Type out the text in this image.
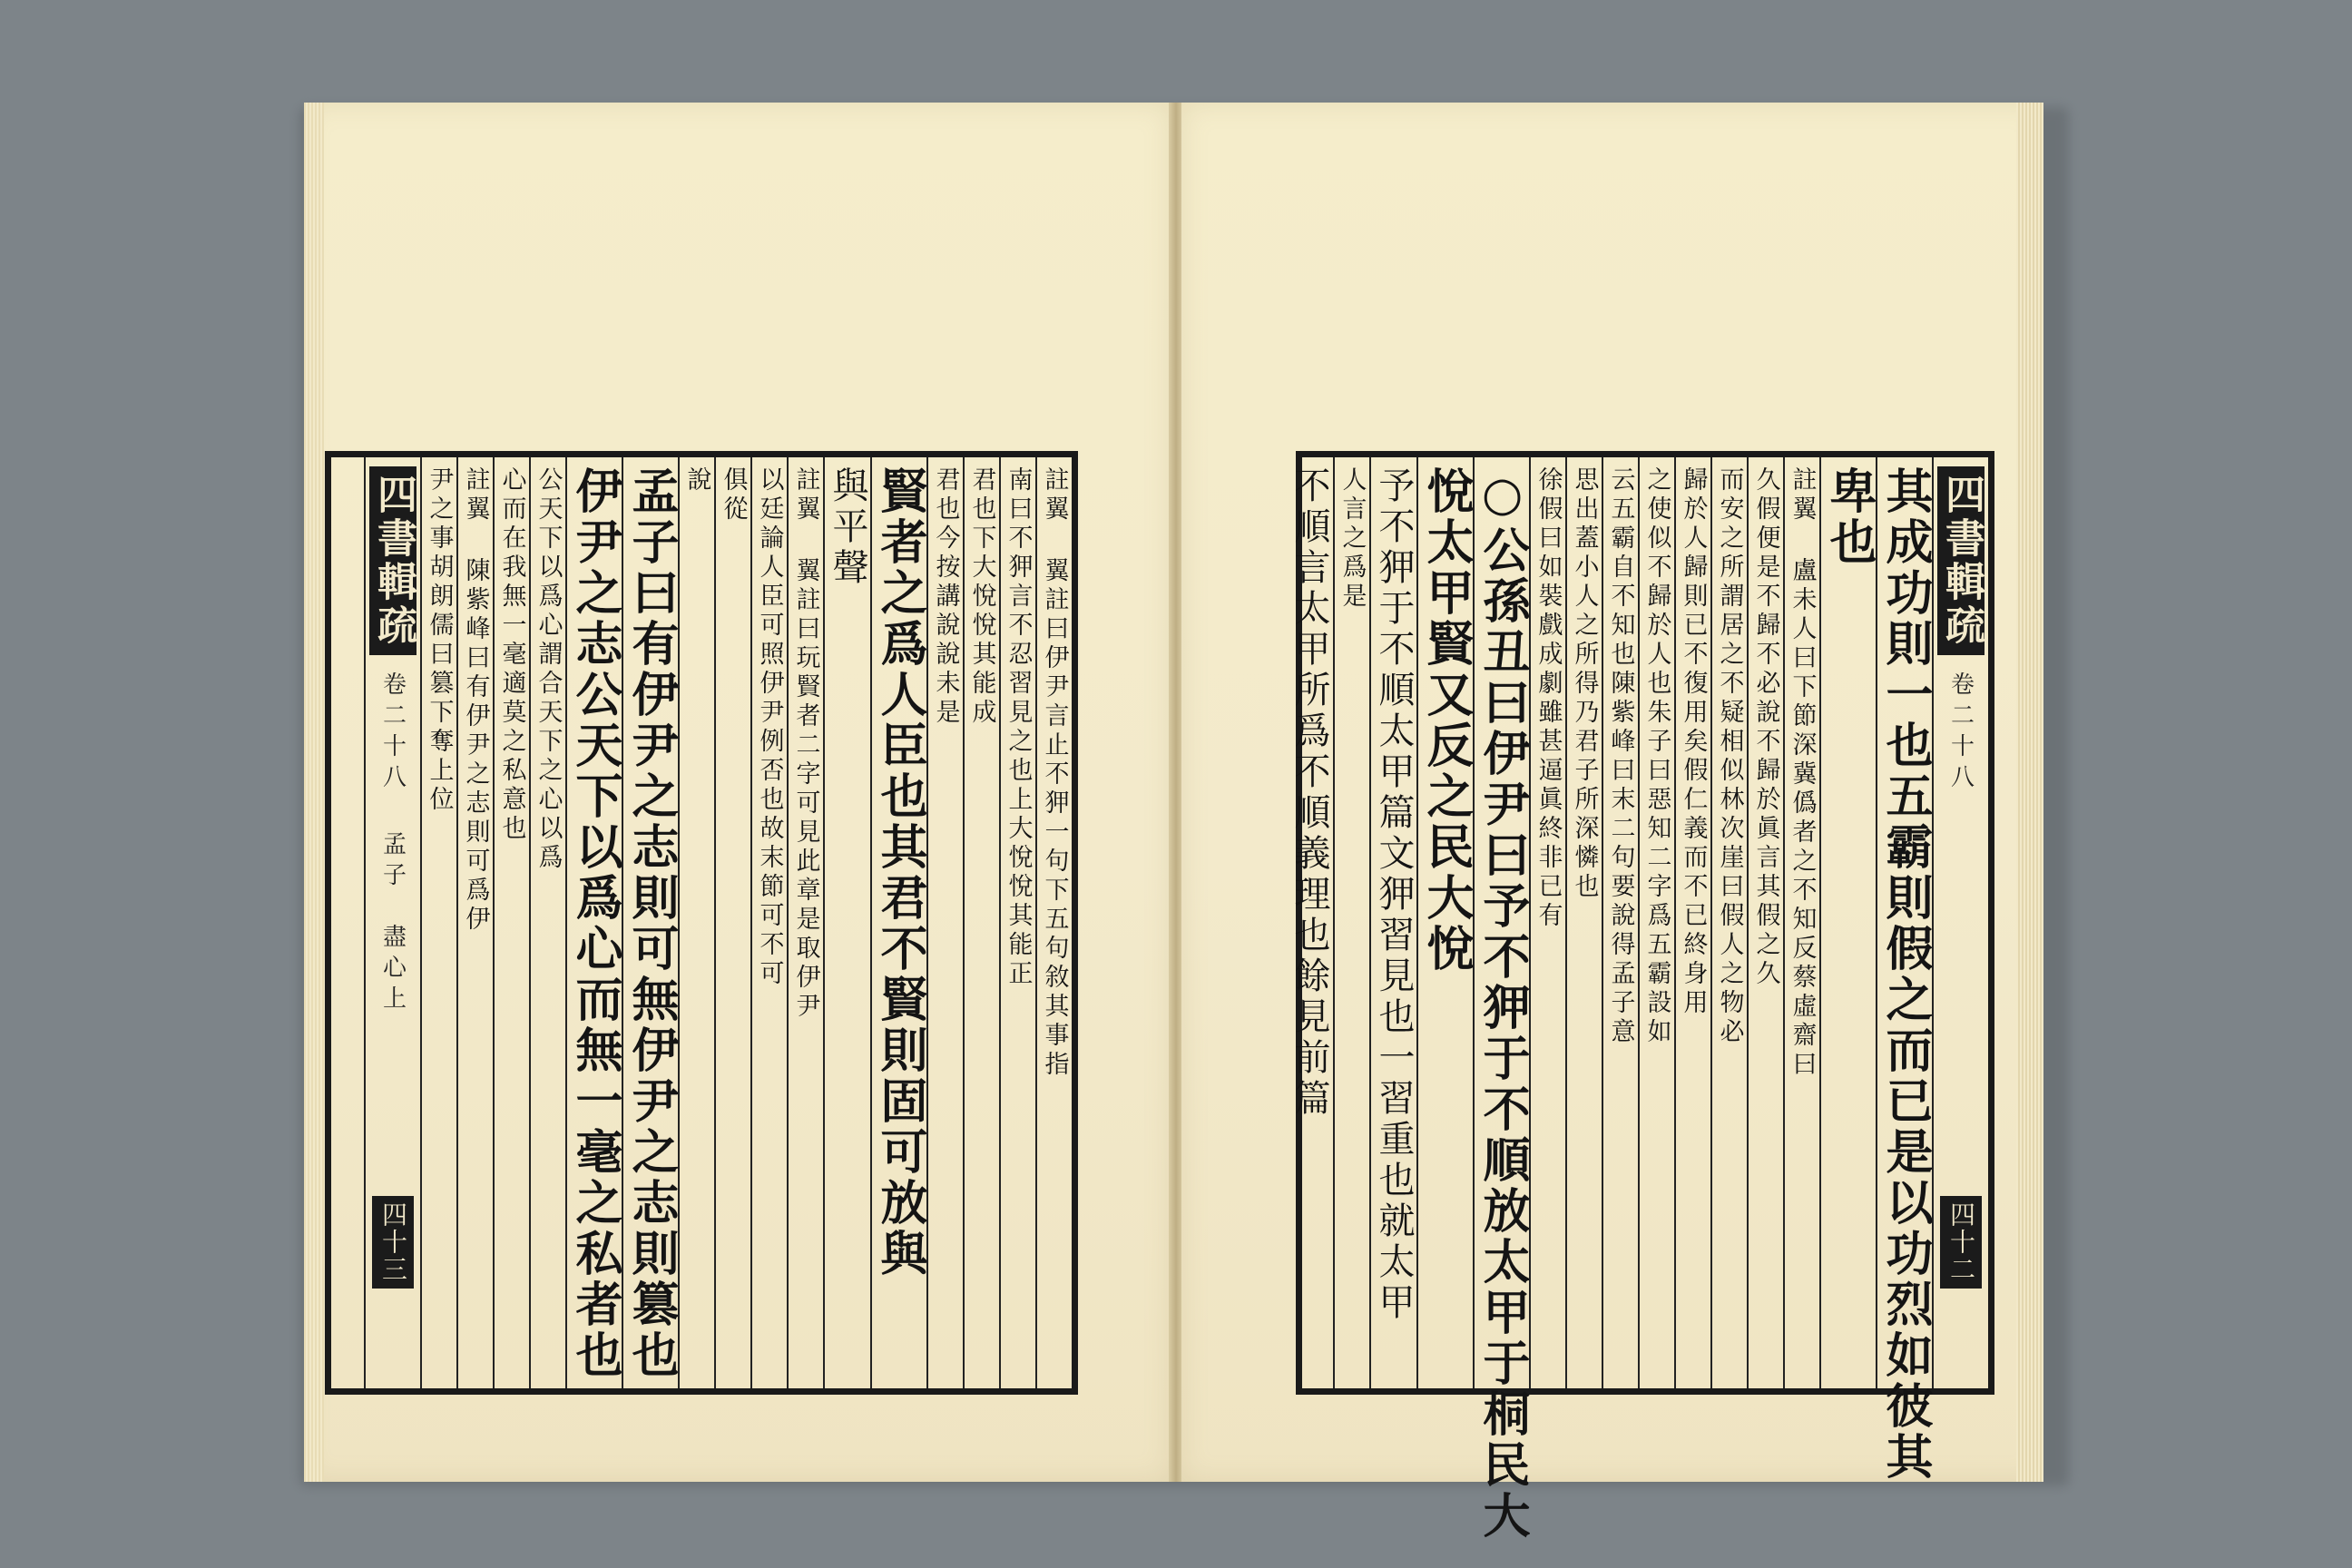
註翼 翼註曰伊尹言止不狎一句下五句敘其事指
南曰不狎言不忍習見之也上大悅悅其能正
君也下大悅悅其能成
君也今按講說說未是
賢者之爲人臣也其君不賢則固可放與
與平聲
註翼 翼註曰玩賢者二字可見此章是取伊尹
以廷論人臣可照伊尹例否也故末節可不可
俱從
說
孟子曰有伊尹之志則可無伊尹之志則篡也
伊尹之志公天下以爲心而無一毫之私者也
公天下以爲心謂合天下之心以爲
心而在我無一毫適莫之私意也
註翼 陳紫峰曰有伊尹之志則可爲伊
尹之事胡朗儒曰篡下奪上位
四書輯疏
卷二十八
孟子　盡心上
四十三
四書輯疏
卷二十八
四十二
其成功則一也五霸則假之而已是以功烈如彼其
卑也
註翼 盧未人曰下節深冀僞者之不知反蔡虛齋曰
久假便是不歸不必說不歸於眞言其假之久
而安之所謂居之不疑相似林次崖曰假人之物必
歸於人歸則已不復用矣假仁義而不已終身用
之使似不歸於人也朱子曰惡知二字爲五霸設如
云五霸自不知也陳紫峰曰末二句要說得孟子意
思出蓋小人之所得乃君子所深憐也
徐假曰如裝戲成劇雖甚逼眞終非已有
○公孫丑曰伊尹曰予不狎于不順放太甲于桐民大
悅太甲賢又反之民大悅
予不狎于不順太甲篇文狎習見也一習重也就太甲
人言之爲是
不順言太甲所爲不順義理也餘見前篇
